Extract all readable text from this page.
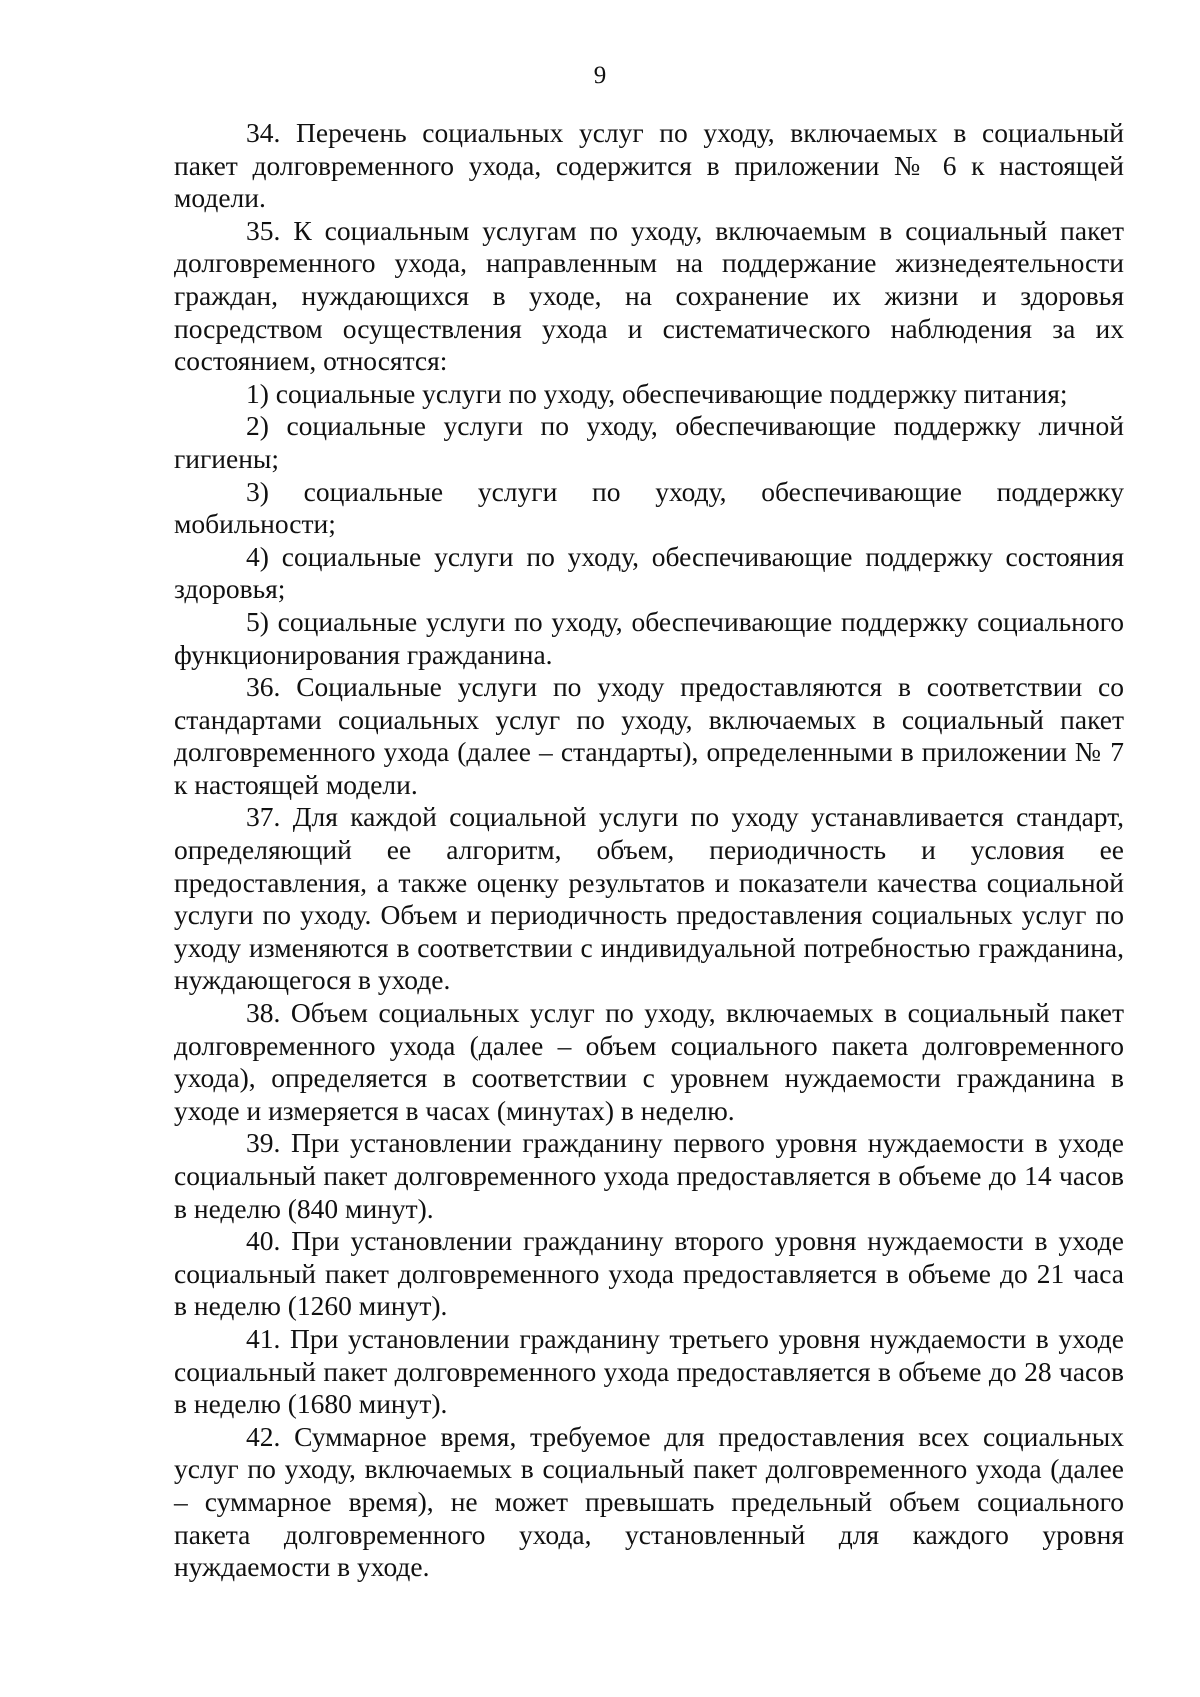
9

34. Перечень социальных услуг по уходу, включаемых в социальный пакет долговременного ухода, содержится в приложении № 6 к настоящей модели.

35. К социальным услугам по уходу, включаемым в социальный пакет долговременного ухода, направленным на поддержание жизнедеятельности граждан, нуждающихся в уходе, на сохранение их жизни и здоровья посредством осуществления ухода и систематического наблюдения за их состоянием, относятся:

1) социальные услуги по уходу, обеспечивающие поддержку питания;

2) социальные услуги по уходу, обеспечивающие поддержку личной гигиены;

3) социальные услуги по уходу, обеспечивающие поддержку мобильности;

4) социальные услуги по уходу, обеспечивающие поддержку состояния здоровья;

5) социальные услуги по уходу, обеспечивающие поддержку социального функционирования гражданина.

36. Социальные услуги по уходу предоставляются в соответствии со стандартами социальных услуг по уходу, включаемых в социальный пакет долговременного ухода (далее – стандарты), определенными в приложении № 7 к настоящей модели.

37. Для каждой социальной услуги по уходу устанавливается стандарт, определяющий ее алгоритм, объем, периодичность и условия ее предоставления, а также оценку результатов и показатели качества социальной услуги по уходу. Объем и периодичность предоставления социальных услуг по уходу изменяются в соответствии с индивидуальной потребностью гражданина, нуждающегося в уходе.

38. Объем социальных услуг по уходу, включаемых в социальный пакет долговременного ухода (далее – объем социального пакета долговременного ухода), определяется в соответствии с уровнем нуждаемости гражданина в уходе и измеряется в часах (минутах) в неделю.

39. При установлении гражданину первого уровня нуждаемости в уходе социальный пакет долговременного ухода предоставляется в объеме до 14 часов в неделю (840 минут).

40. При установлении гражданину второго уровня нуждаемости в уходе социальный пакет долговременного ухода предоставляется в объеме до 21 часа в неделю (1260 минут).

41. При установлении гражданину третьего уровня нуждаемости в уходе социальный пакет долговременного ухода предоставляется в объеме до 28 часов в неделю (1680 минут).

42. Суммарное время, требуемое для предоставления всех социальных услуг по уходу, включаемых в социальный пакет долговременного ухода (далее – суммарное время), не может превышать предельный объем социального пакета долговременного ухода, установленный для каждого уровня нуждаемости в уходе.
